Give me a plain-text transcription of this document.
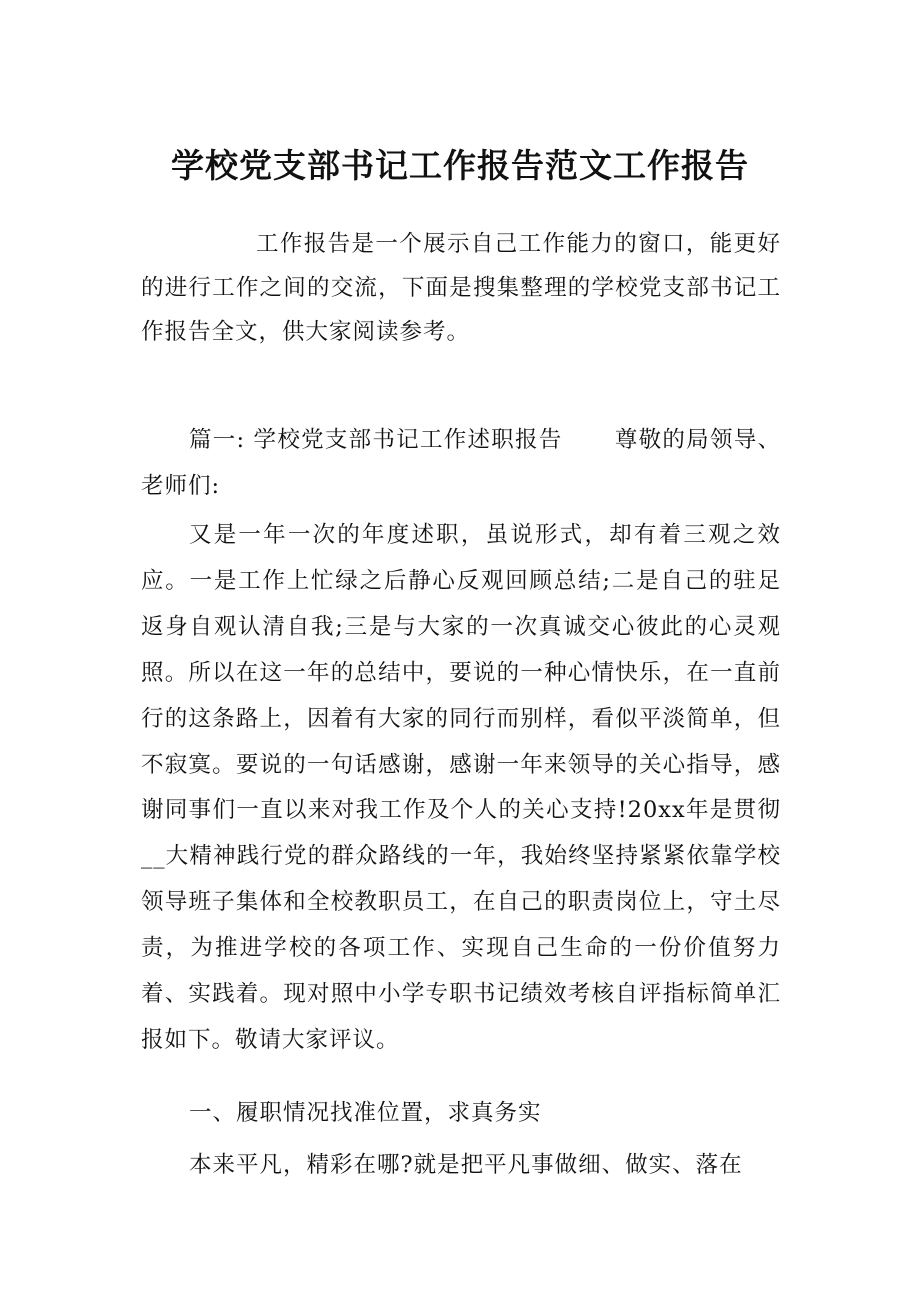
学校党支部书记工作报告范文工作报告

工作报告是一个展示自己工作能力的窗口，能更好的进行工作之间的交流，下面是搜集整理的学校党支部书记工作报告全文，供大家阅读参考。

篇一: 学校党支部书记工作述职报告 尊敬的局领导、老师们:

又是一年一次的年度述职，虽说形式，却有着三观之效应。一是工作上忙绿之后静心反观回顾总结;二是自己的驻足返身自观认清自我;三是与大家的一次真诚交心彼此的心灵观照。所以在这一年的总结中，要说的一种心情快乐，在一直前行的这条路上，因着有大家的同行而别样，看似平淡简单，但不寂寞。要说的一句话感谢，感谢一年来领导的关心指导，感谢同事们一直以来对我工作及个人的关心支持!20xx年是贯彻__大精神践行党的群众路线的一年，我始终坚持紧紧依靠学校领导班子集体和全校教职员工，在自己的职责岗位上，守土尽责，为推进学校的各项工作、实现自己生命的一份价值努力着、实践着。现对照中小学专职书记绩效考核自评指标简单汇报如下。敬请大家评议。

一、履职情况找准位置，求真务实

本来平凡，精彩在哪?就是把平凡事做细、做实、落在
